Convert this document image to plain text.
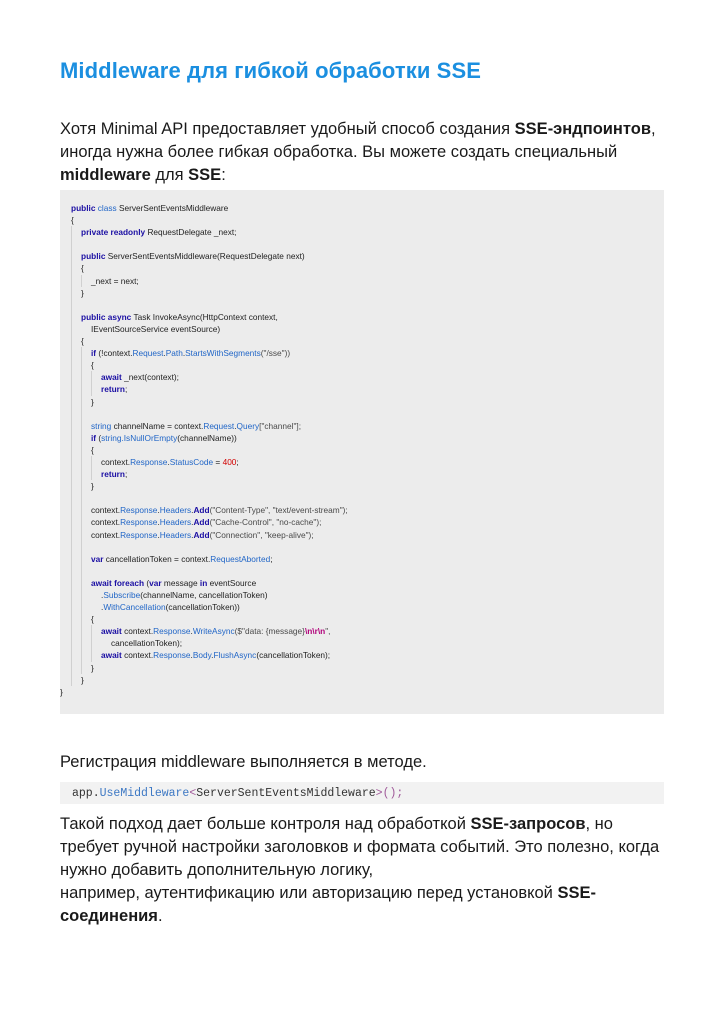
Middleware для гибкой обработки SSE
Хотя Minimal API предоставляет удобный способ создания SSE-эндпоинтов, иногда нужна более гибкая обработка. Вы можете создать специальный middleware для SSE:
public class ServerSentEventsMiddleware
{
private readonly RequestDelegate _next;
public ServerSentEventsMiddleware(RequestDelegate next)
{
_next = next;
}
public async Task InvokeAsync(HttpContext context,
IEventSourceService eventSource)
{
if (!context.Request.Path.StartsWithSegments("/sse"))
{
await _next(context);
return;
}
string channelName = context.Request.Query["channel"];
if (string.IsNullOrEmpty(channelName))
{
context.Response.StatusCode = 400;
return;
}
context.Response.Headers.Add("Content-Type", "text/event-stream");
context.Response.Headers.Add("Cache-Control", "no-cache");
context.Response.Headers.Add("Connection", "keep-alive");
var cancellationToken = context.RequestAborted;
await foreach (var message in eventSource
.Subscribe(channelName, cancellationToken)
.WithCancellation(cancellationToken))
{
await context.Response.WriteAsync($"data: {message}\n\r\n",
cancellationToken);
await context.Response.Body.FlushAsync(cancellationToken);
}
}
}
Регистрация middleware выполняется в методе.
app.UseMiddleware<ServerSentEventsMiddleware>();
Такой подход дает больше контроля над обработкой SSE-запросов, но требует ручной настройки заголовков и формата событий. Это полезно, когда нужно добавить дополнительную логику,
например, аутентификацию или авторизацию перед установкой SSE-соединения.
